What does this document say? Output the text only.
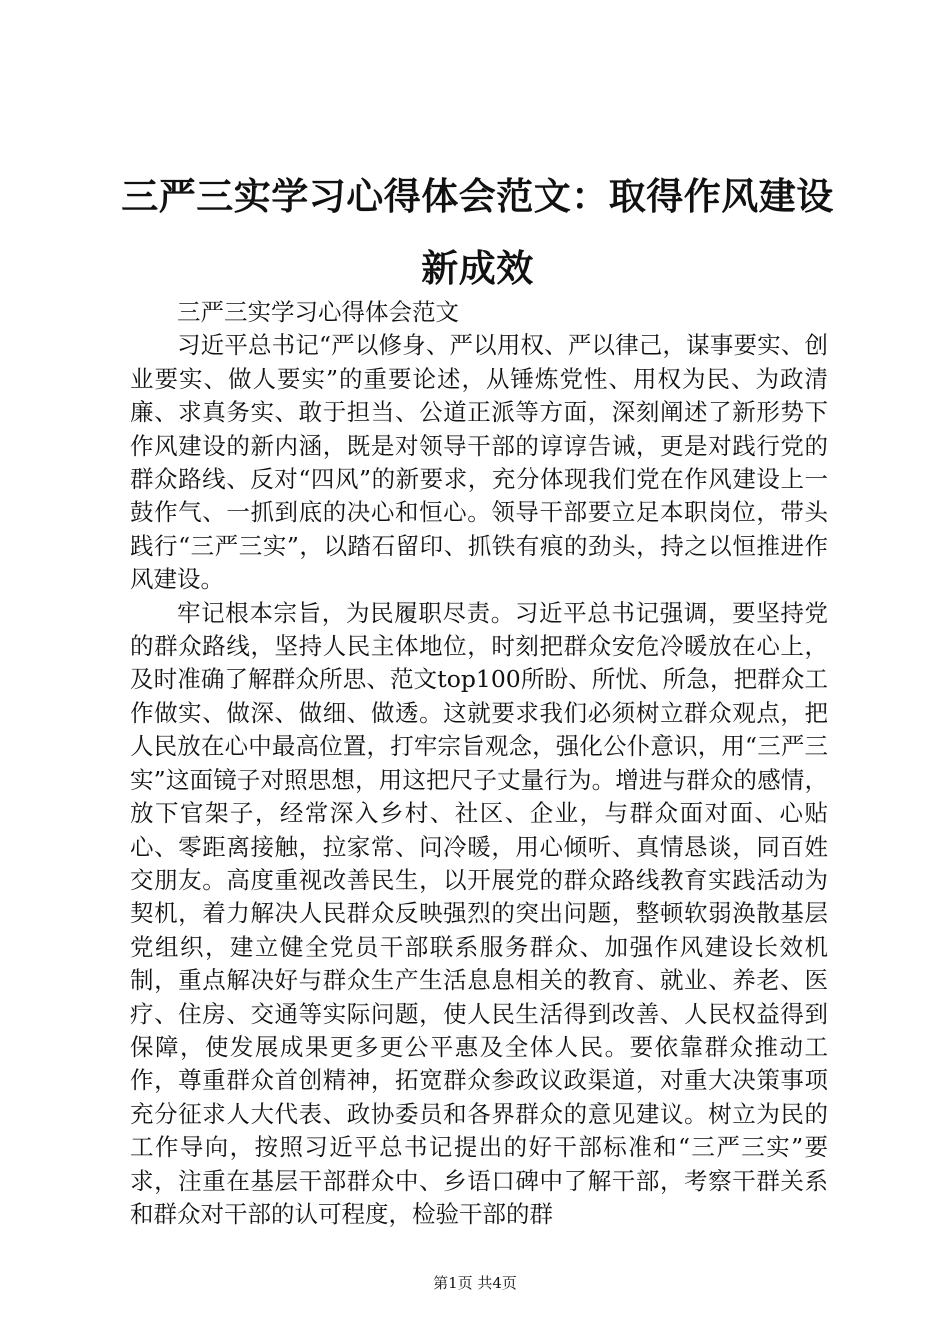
三严三实学习心得体会范文：取得作风建设新成效

三严三实学习心得体会范文

习近平总书记“严以修身、严以用权、严以律己，谋事要实、创业要实、做人要实”的重要论述，从锤炼党性、用权为民、为政清廉、求真务实、敢于担当、公道正派等方面，深刻阐述了新形势下作风建设的新内涵，既是对领导干部的谆谆告诫，更是对践行党的群众路线、反对“四风”的新要求，充分体现我们党在作风建设上一鼓作气、一抓到底的决心和恒心。领导干部要立足本职岗位，带头践行“三严三实”，以踏石留印、抓铁有痕的劲头，持之以恒推进作风建设。

牢记根本宗旨，为民履职尽责。习近平总书记强调，要坚持党的群众路线，坚持人民主体地位，时刻把群众安危冷暖放在心上，及时准确了解群众所思、范文top100所盼、所忧、所急，把群众工作做实、做深、做细、做透。这就要求我们必须树立群众观点，把人民放在心中最高位置，打牢宗旨观念，强化公仆意识，用“三严三实”这面镜子对照思想，用这把尺子丈量行为。增进与群众的感情，放下官架子，经常深入乡村、社区、企业，与群众面对面、心贴心、零距离接触，拉家常、问冷暖，用心倾听、真情恳谈，同百姓交朋友。高度重视改善民生，以开展党的群众路线教育实践活动为契机，着力解决人民群众反映强烈的突出问题，整顿软弱涣散基层党组织，建立健全党员干部联系服务群众、加强作风建设长效机制，重点解决好与群众生产生活息息相关的教育、就业、养老、医疗、住房、交通等实际问题，使人民生活得到改善、人民权益得到保障，使发展成果更多更公平惠及全体人民。要依靠群众推动工作，尊重群众首创精神，拓宽群众参政议政渠道，对重大决策事项充分征求人大代表、政协委员和各界群众的意见建议。树立为民的工作导向，按照习近平总书记提出的好干部标准和“三严三实”要求，注重在基层干部群众中、乡语口碑中了解干部，考察干群关系和群众对干部的认可程度，检验干部的群

第1页 共4页
